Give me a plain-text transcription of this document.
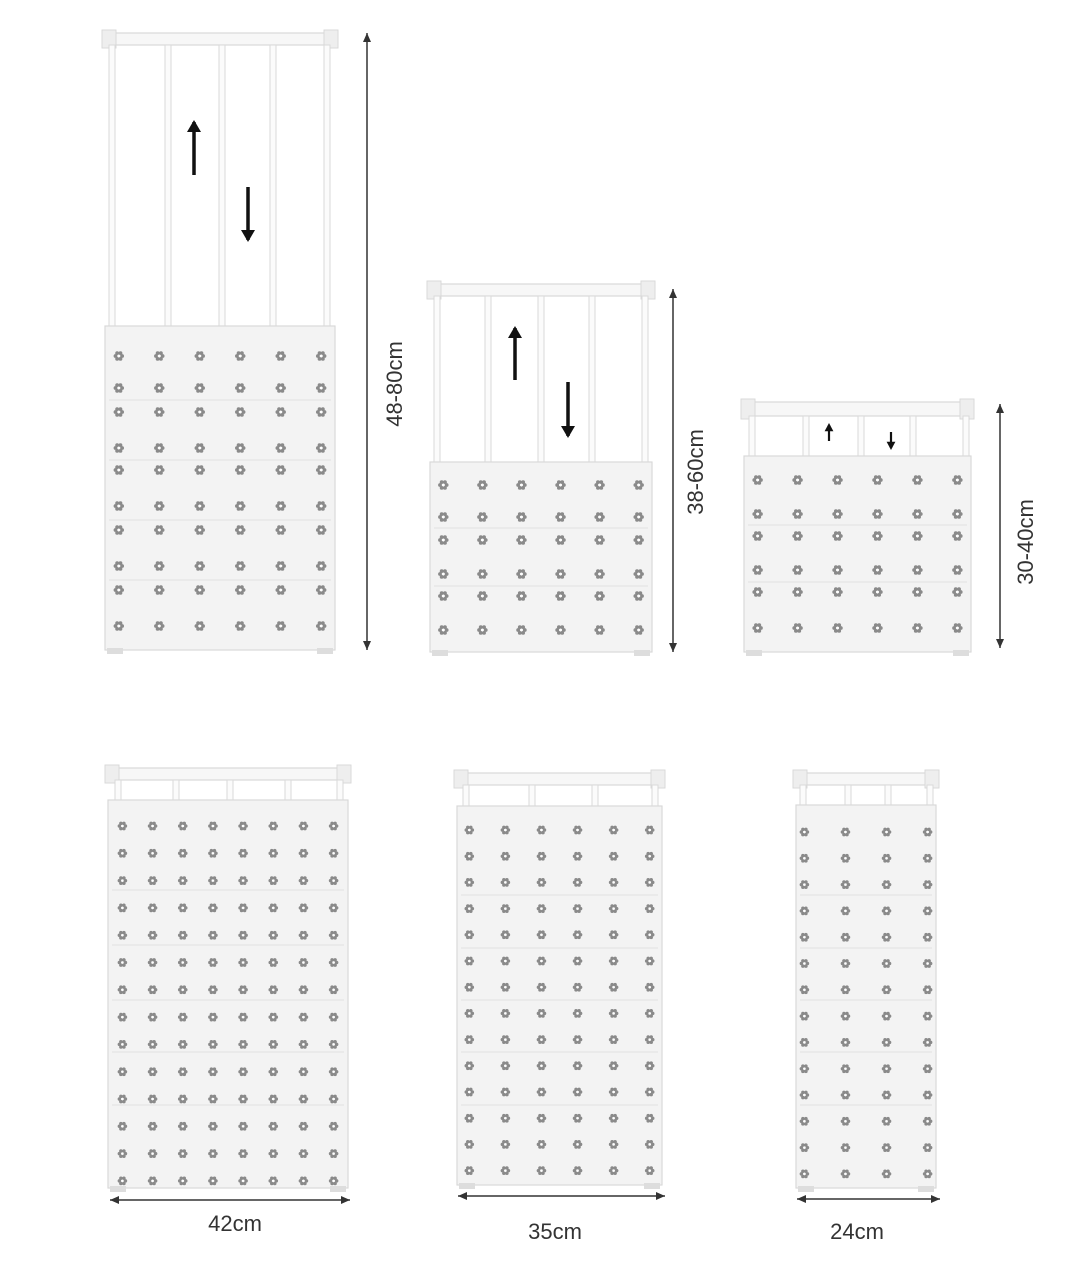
48-80cm
38-60cm
30-40cm
42cm	35cm	24cm
